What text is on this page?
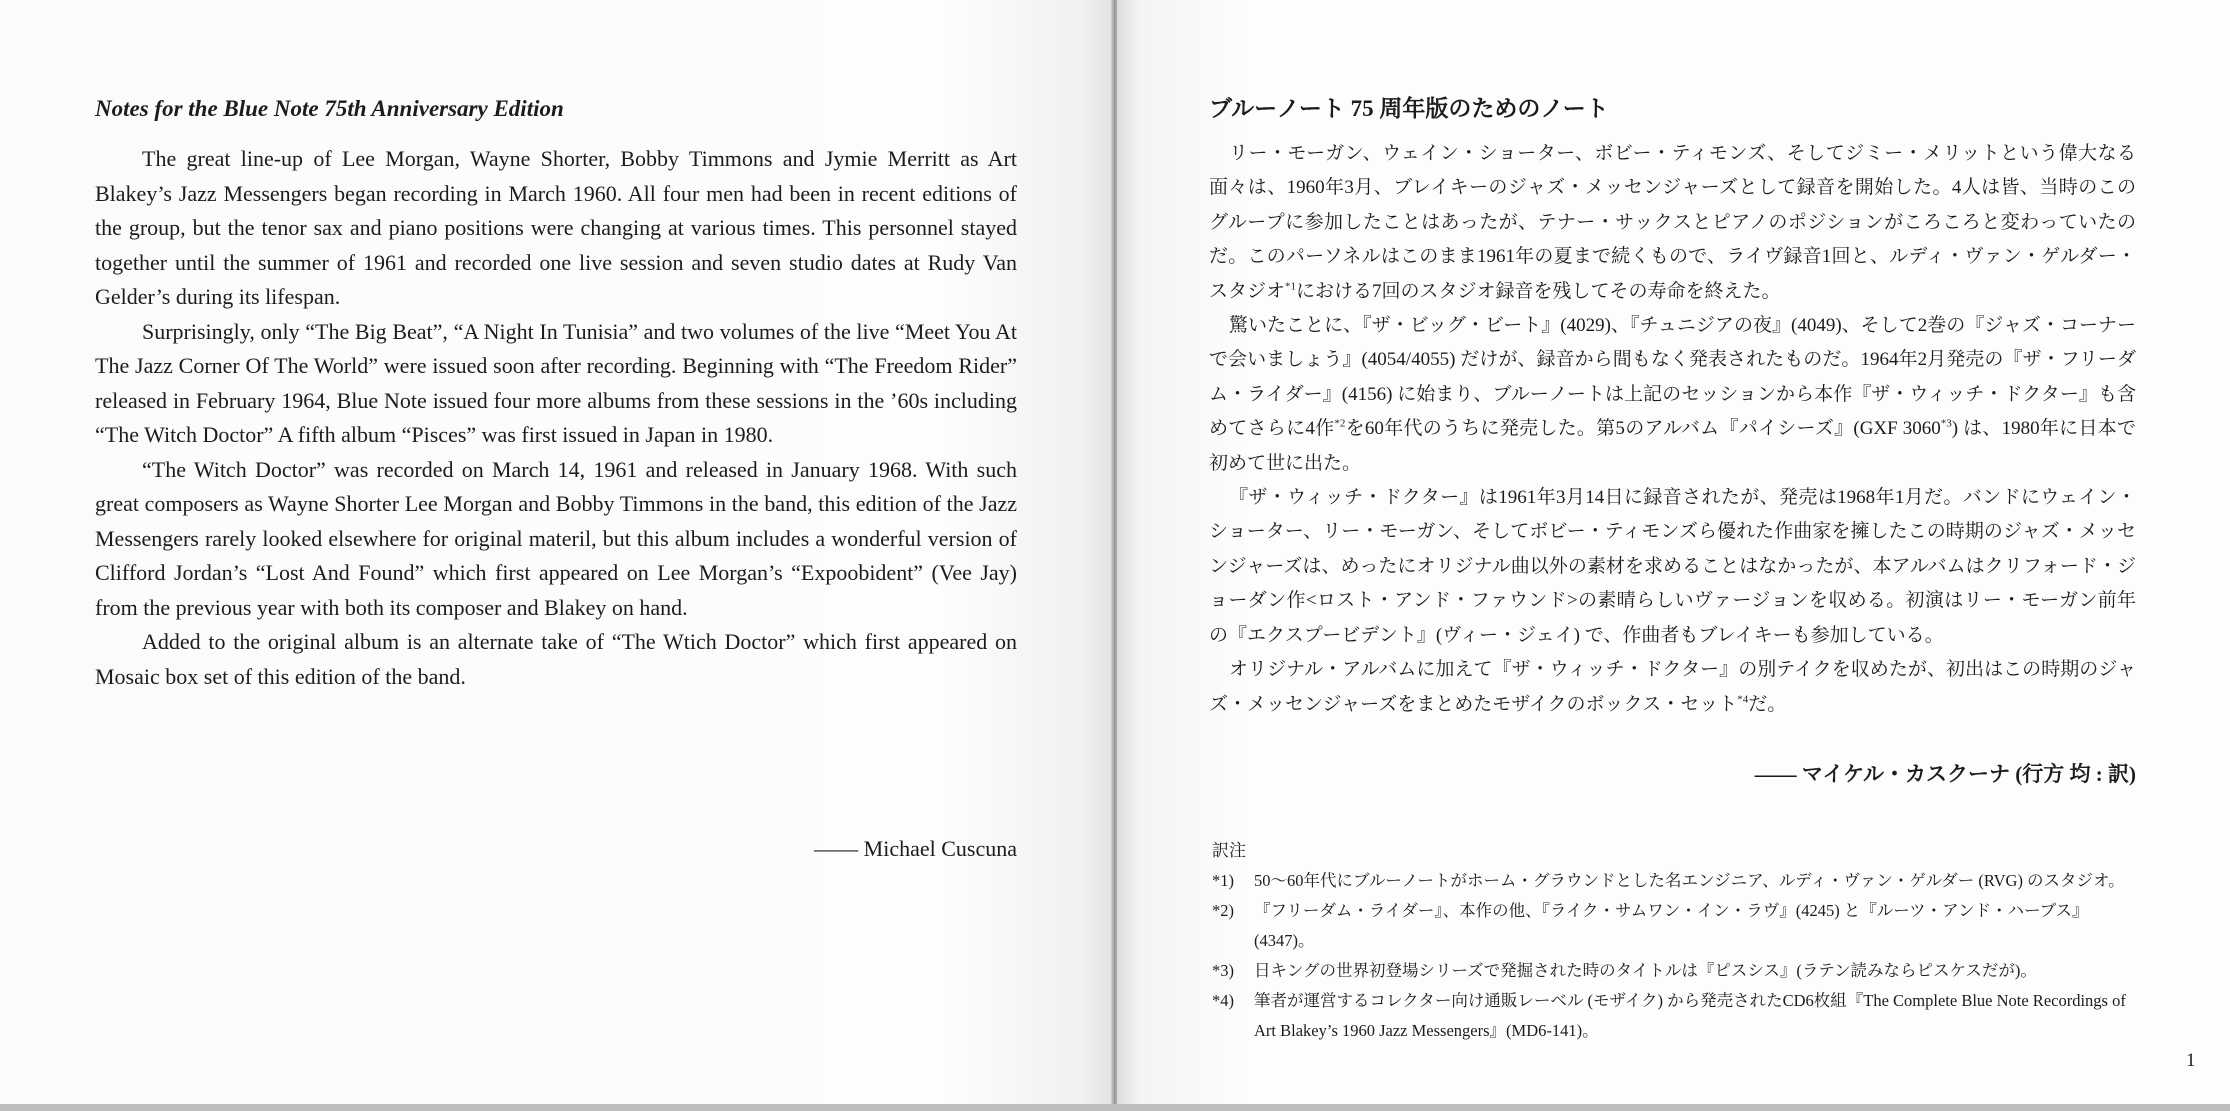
Notes for the Blue Note 75th Anniversary Edition

The great line-up of Lee Morgan, Wayne Shorter, Bobby Timmons and Jymie Merritt as Art Blakey’s Jazz Messengers began recording in March 1960. All four men had been in recent editions of the group, but the tenor sax and piano positions were changing at various times. This personnel stayed together until the summer of 1961 and recorded one live session and seven studio dates at Rudy Van Gelder’s during its lifespan.

Surprisingly, only “The Big Beat”, “A Night In Tunisia” and two volumes of the live “Meet You At The Jazz Corner Of The World” were issued soon after recording. Beginning with “The Freedom Rider” released in February 1964, Blue Note issued four more albums from these sessions in the ’60s including “The Witch Doctor” A fifth album “Pisces” was first issued in Japan in 1980.

“The Witch Doctor” was recorded on March 14, 1961 and released in January 1968. With such great composers as Wayne Shorter Lee Morgan and Bobby Timmons in the band, this edition of the Jazz Messengers rarely looked elsewhere for original materil, but this album includes a wonderful version of Clifford Jordan’s “Lost And Found” which first appeared on Lee Morgan’s “Expoobident” (Vee Jay) from the previous year with both its composer and Blakey on hand.

Added to the original album is an alternate take of “The Wtich Doctor” which first appeared on Mosaic box set of this edition of the band.

—— Michael Cuscuna

ブルーノート 75 周年版のためのノート

リー・モーガン、ウェイン・ショーター、ボビー・ティモンズ、そしてジミー・メリットという偉大なる面々は、1960年3月、ブレイキーのジャズ・メッセンジャーズとして録音を開始した。4人は皆、当時のこのグループに参加したことはあったが、テナー・サックスとピアノのポジションがころころと変わっていたのだ。このパーソネルはこのまま1961年の夏まで続くもので、ライヴ録音1回と、ルディ・ヴァン・ゲルダー・スタジオ$^{*1}$における7回のスタジオ録音を残してその寿命を終えた。

驚いたことに、『ザ・ビッグ・ビート』(4029)、『チュニジアの夜』(4049)、そして2巻の『ジャズ・コーナーで会いましょう』(4054/4055) だけが、録音から間もなく発表されたものだ。1964年2月発売の『ザ・フリーダム・ライダー』(4156) に始まり、ブルーノートは上記のセッションから本作『ザ・ウィッチ・ドクター』も含めてさらに4作$^{*2}$を60年代のうちに発売した。第5のアルバム『パイシーズ』(GXF 3060$^{*3}$) は、1980年に日本で初めて世に出た。

『ザ・ウィッチ・ドクター』は1961年3月14日に録音されたが、発売は1968年1月だ。バンドにウェイン・ショーター、リー・モーガン、そしてボビー・ティモンズら優れた作曲家を擁したこの時期のジャズ・メッセンジャーズは、めったにオリジナル曲以外の素材を求めることはなかったが、本アルバムはクリフォード・ジョーダン作<ロスト・アンド・ファウンド>の素晴らしいヴァージョンを収める。初演はリー・モーガン前年の『エクスプービデント』(ヴィー・ジェイ) で、作曲者もブレイキーも参加している。

オリジナル・アルバムに加えて『ザ・ウィッチ・ドクター』の別テイクを収めたが、初出はこの時期のジャズ・メッセンジャーズをまとめたモザイクのボックス・セット$^{*4}$だ。

—— マイケル・カスクーナ (行方 均 : 訳)

訳注

*1)	50〜60年代にブルーノートがホーム・グラウンドとした名エンジニア、ルディ・ヴァン・ゲルダー (RVG) のスタジオ。
*2)	『フリーダム・ライダー』、本作の他、『ライク・サムワン・イン・ラヴ』(4245) と『ルーツ・アンド・ハーブス』(4347)。
*3)	日キングの世界初登場シリーズで発掘された時のタイトルは『ピスシス』(ラテン読みならピスケスだが)。
*4)	筆者が運営するコレクター向け通販レーベル (モザイク) から発売されたCD6枚組『The Complete Blue Note Recordings of Art Blakey’s 1960 Jazz Messengers』(MD6-141)。

1
